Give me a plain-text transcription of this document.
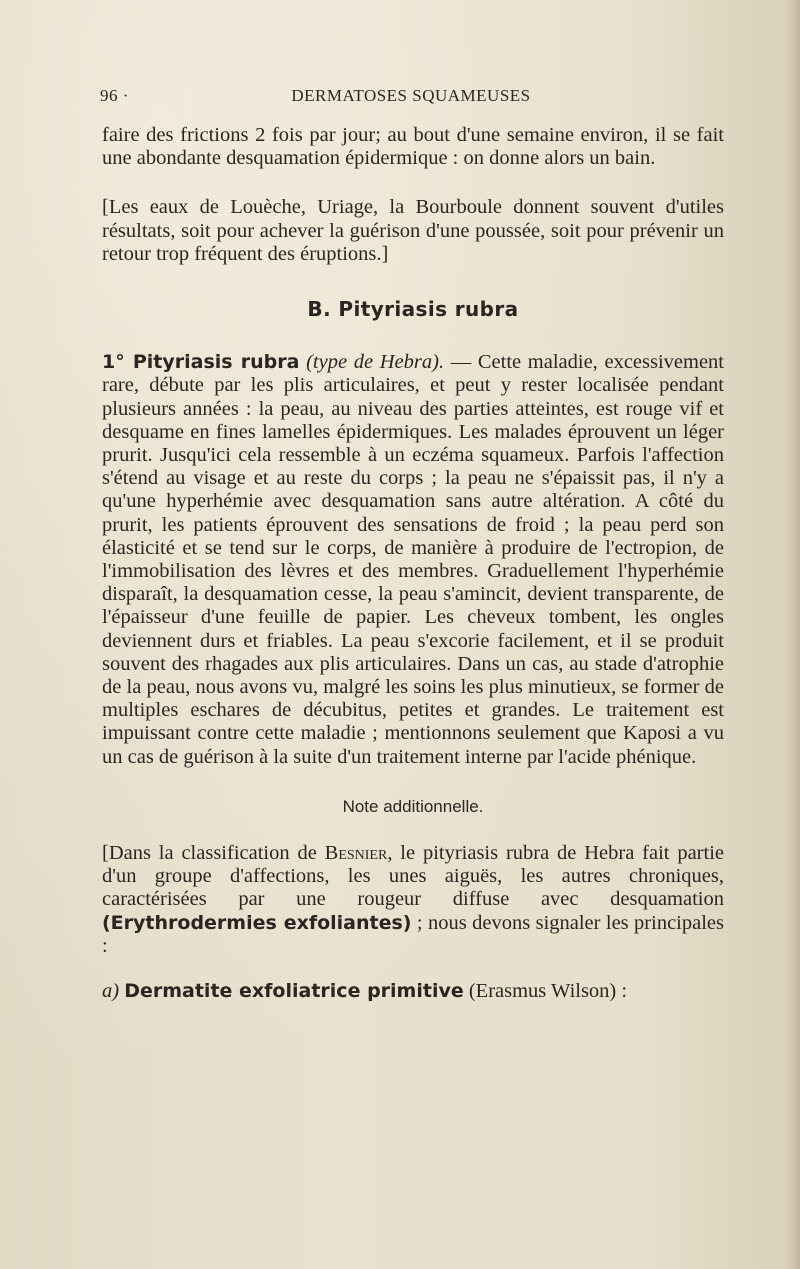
96 ·	DERMATOSES SQUAMEUSES

faire des frictions 2 fois par jour; au bout d'une semaine environ, il se fait une abondante desquamation épidermique : on donne alors un bain.

[Les eaux de Louèche, Uriage, la Bourboule donnent souvent d'utiles résultats, soit pour achever la guérison d'une poussée, soit pour prévenir un retour trop fréquent des éruptions.]

B. Pityriasis rubra

1° Pityriasis rubra (type de Hebra). — Cette maladie, excessivement rare, débute par les plis articulaires, et peut y rester localisée pendant plusieurs années : la peau, au niveau des parties atteintes, est rouge vif et desquame en fines lamelles épidermiques. Les malades éprouvent un léger prurit. Jusqu'ici cela ressemble à un eczéma squameux. Parfois l'affection s'étend au visage et au reste du corps ; la peau ne s'épaissit pas, il n'y a qu'une hyperhémie avec desquamation sans autre altération. A côté du prurit, les patients éprouvent des sensations de froid ; la peau perd son élasticité et se tend sur le corps, de manière à produire de l'ectropion, de l'immobilisation des lèvres et des membres. Graduellement l'hyperhémie disparaît, la desquamation cesse, la peau s'amincit, devient transparente, de l'épaisseur d'une feuille de papier. Les cheveux tombent, les ongles deviennent durs et friables. La peau s'excorie facilement, et il se produit souvent des rhagades aux plis articulaires. Dans un cas, au stade d'atrophie de la peau, nous avons vu, malgré les soins les plus minutieux, se former de multiples eschares de décubitus, petites et grandes. Le traitement est impuissant contre cette maladie ; mentionnons seulement que Kaposi a vu un cas de guérison à la suite d'un traitement interne par l'acide phénique.

Note additionnelle.

[Dans la classification de Besnier, le pityriasis rubra de Hebra fait partie d'un groupe d'affections, les unes aiguës, les autres chroniques, caractérisées par une rougeur diffuse avec desquamation (Erythrodermies exfoliantes) ; nous devons signaler les principales :

a) Dermatite exfoliatrice primitive (Erasmus Wilson) :
